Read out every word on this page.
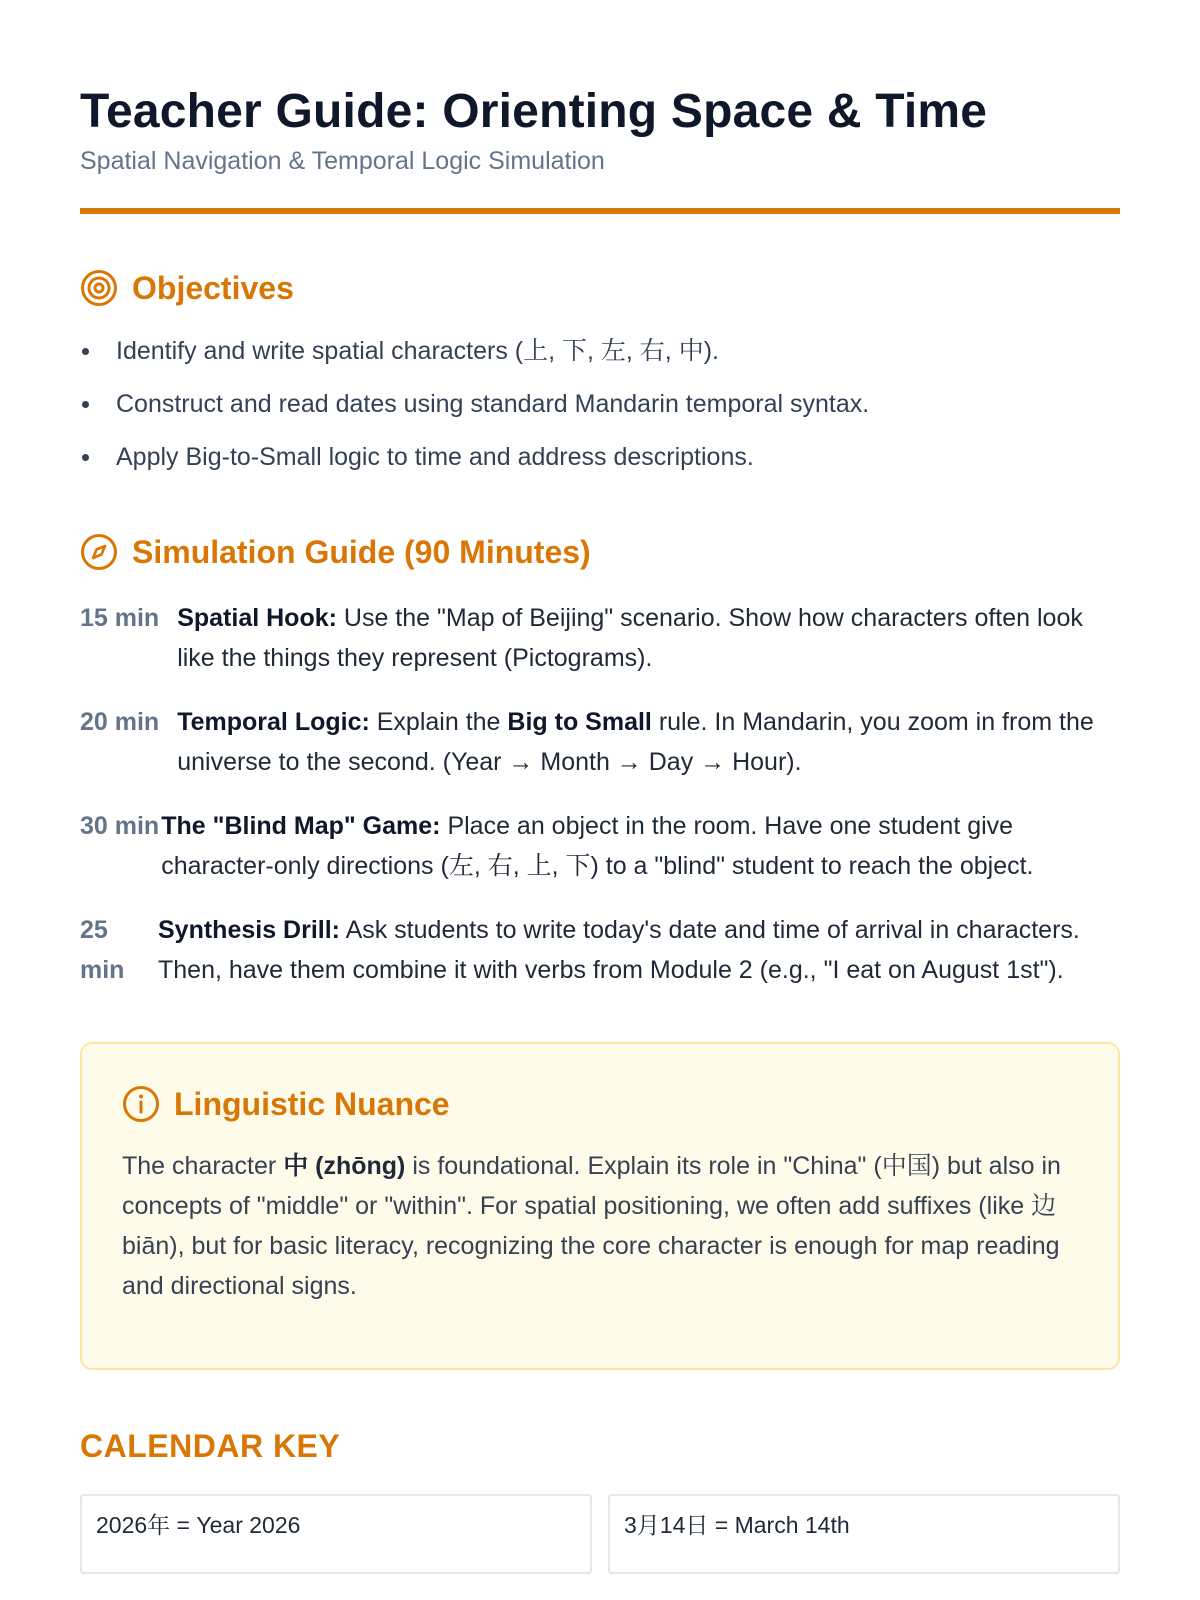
Teacher Guide: Orienting Space & Time
Spatial Navigation & Temporal Logic Simulation
Objectives
Identify and write spatial characters (上, 下, 左, 右, 中).
Construct and read dates using standard Mandarin temporal syntax.
Apply Big-to-Small logic to time and address descriptions.
Simulation Guide (90 Minutes)
15 min Spatial Hook: Use the "Map of Beijing" scenario. Show how characters often look like the things they represent (Pictograms).
20 min Temporal Logic: Explain the Big to Small rule. In Mandarin, you zoom in from the universe to the second. (Year → Month → Day → Hour).
30 min The "Blind Map" Game: Place an object in the room. Have one student give character-only directions (左, 右, 上, 下) to a "blind" student to reach the object.
25 min
Synthesis Drill: Ask students to write today's date and time of arrival in characters. Then, have them combine it with verbs from Module 2 (e.g., "I eat on August 1st").
Linguistic Nuance
The character 中 (zhōng) is foundational. Explain its role in "China" (中国) but also in concepts of "middle" or "within". For spatial positioning, we often add suffixes (like 边 biān), but for basic literacy, recognizing the core character is enough for map reading and directional signs.
CALENDAR KEY
2026年 = Year 2026	3月14日 = March 14th
